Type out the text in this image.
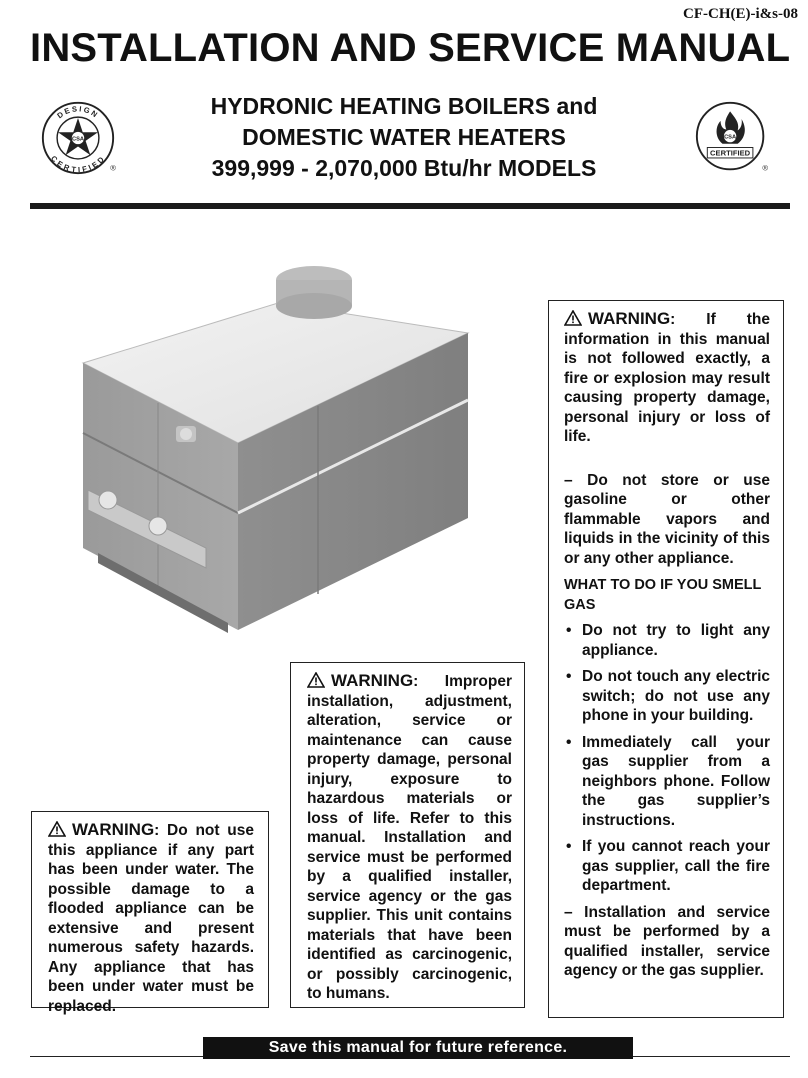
CF-CH(E)-i&s-08
INSTALLATION AND SERVICE MANUAL
HYDRONIC HEATING BOILERS and
DOMESTIC WATER HEATERS
399,999 - 2,070,000 Btu/hr MODELS
CSA
DESIGN
CERTIFIED
®
CSA
CERTIFIED
®

WARNING: If the information in this manual is not followed exactly, a fire or explosion may result causing property damage, personal injury or loss of life.

– Do not store or use gasoline or other flammable vapors and liquids in the vicinity of this or any other appliance.

WHAT TO DO IF YOU SMELL GAS

• Do not try to light any appliance.
• Do not touch any electric switch; do not use any phone in your building.
• Immediately call your gas supplier from a neighbors phone. Follow the gas supplier’s instructions.
• If you cannot reach your gas supplier, call the fire department.

– Installation and service must be performed by a qualified installer, service agency or the gas supplier.

WARNING: Improper installation, adjustment, alteration, service or maintenance can cause property damage, personal injury, exposure to hazardous materials or loss of life. Refer to this manual. Installation and service must be performed by a qualified installer, service agency or the gas supplier. This unit contains materials that have been identified as carcinogenic, or possibly carcinogenic, to humans.

WARNING: Do not use this appliance if any part has been under water. The possible damage to a flooded appliance can be extensive and present numerous safety hazards. Any appliance that has been under water must be replaced.

Save this manual for future reference.
